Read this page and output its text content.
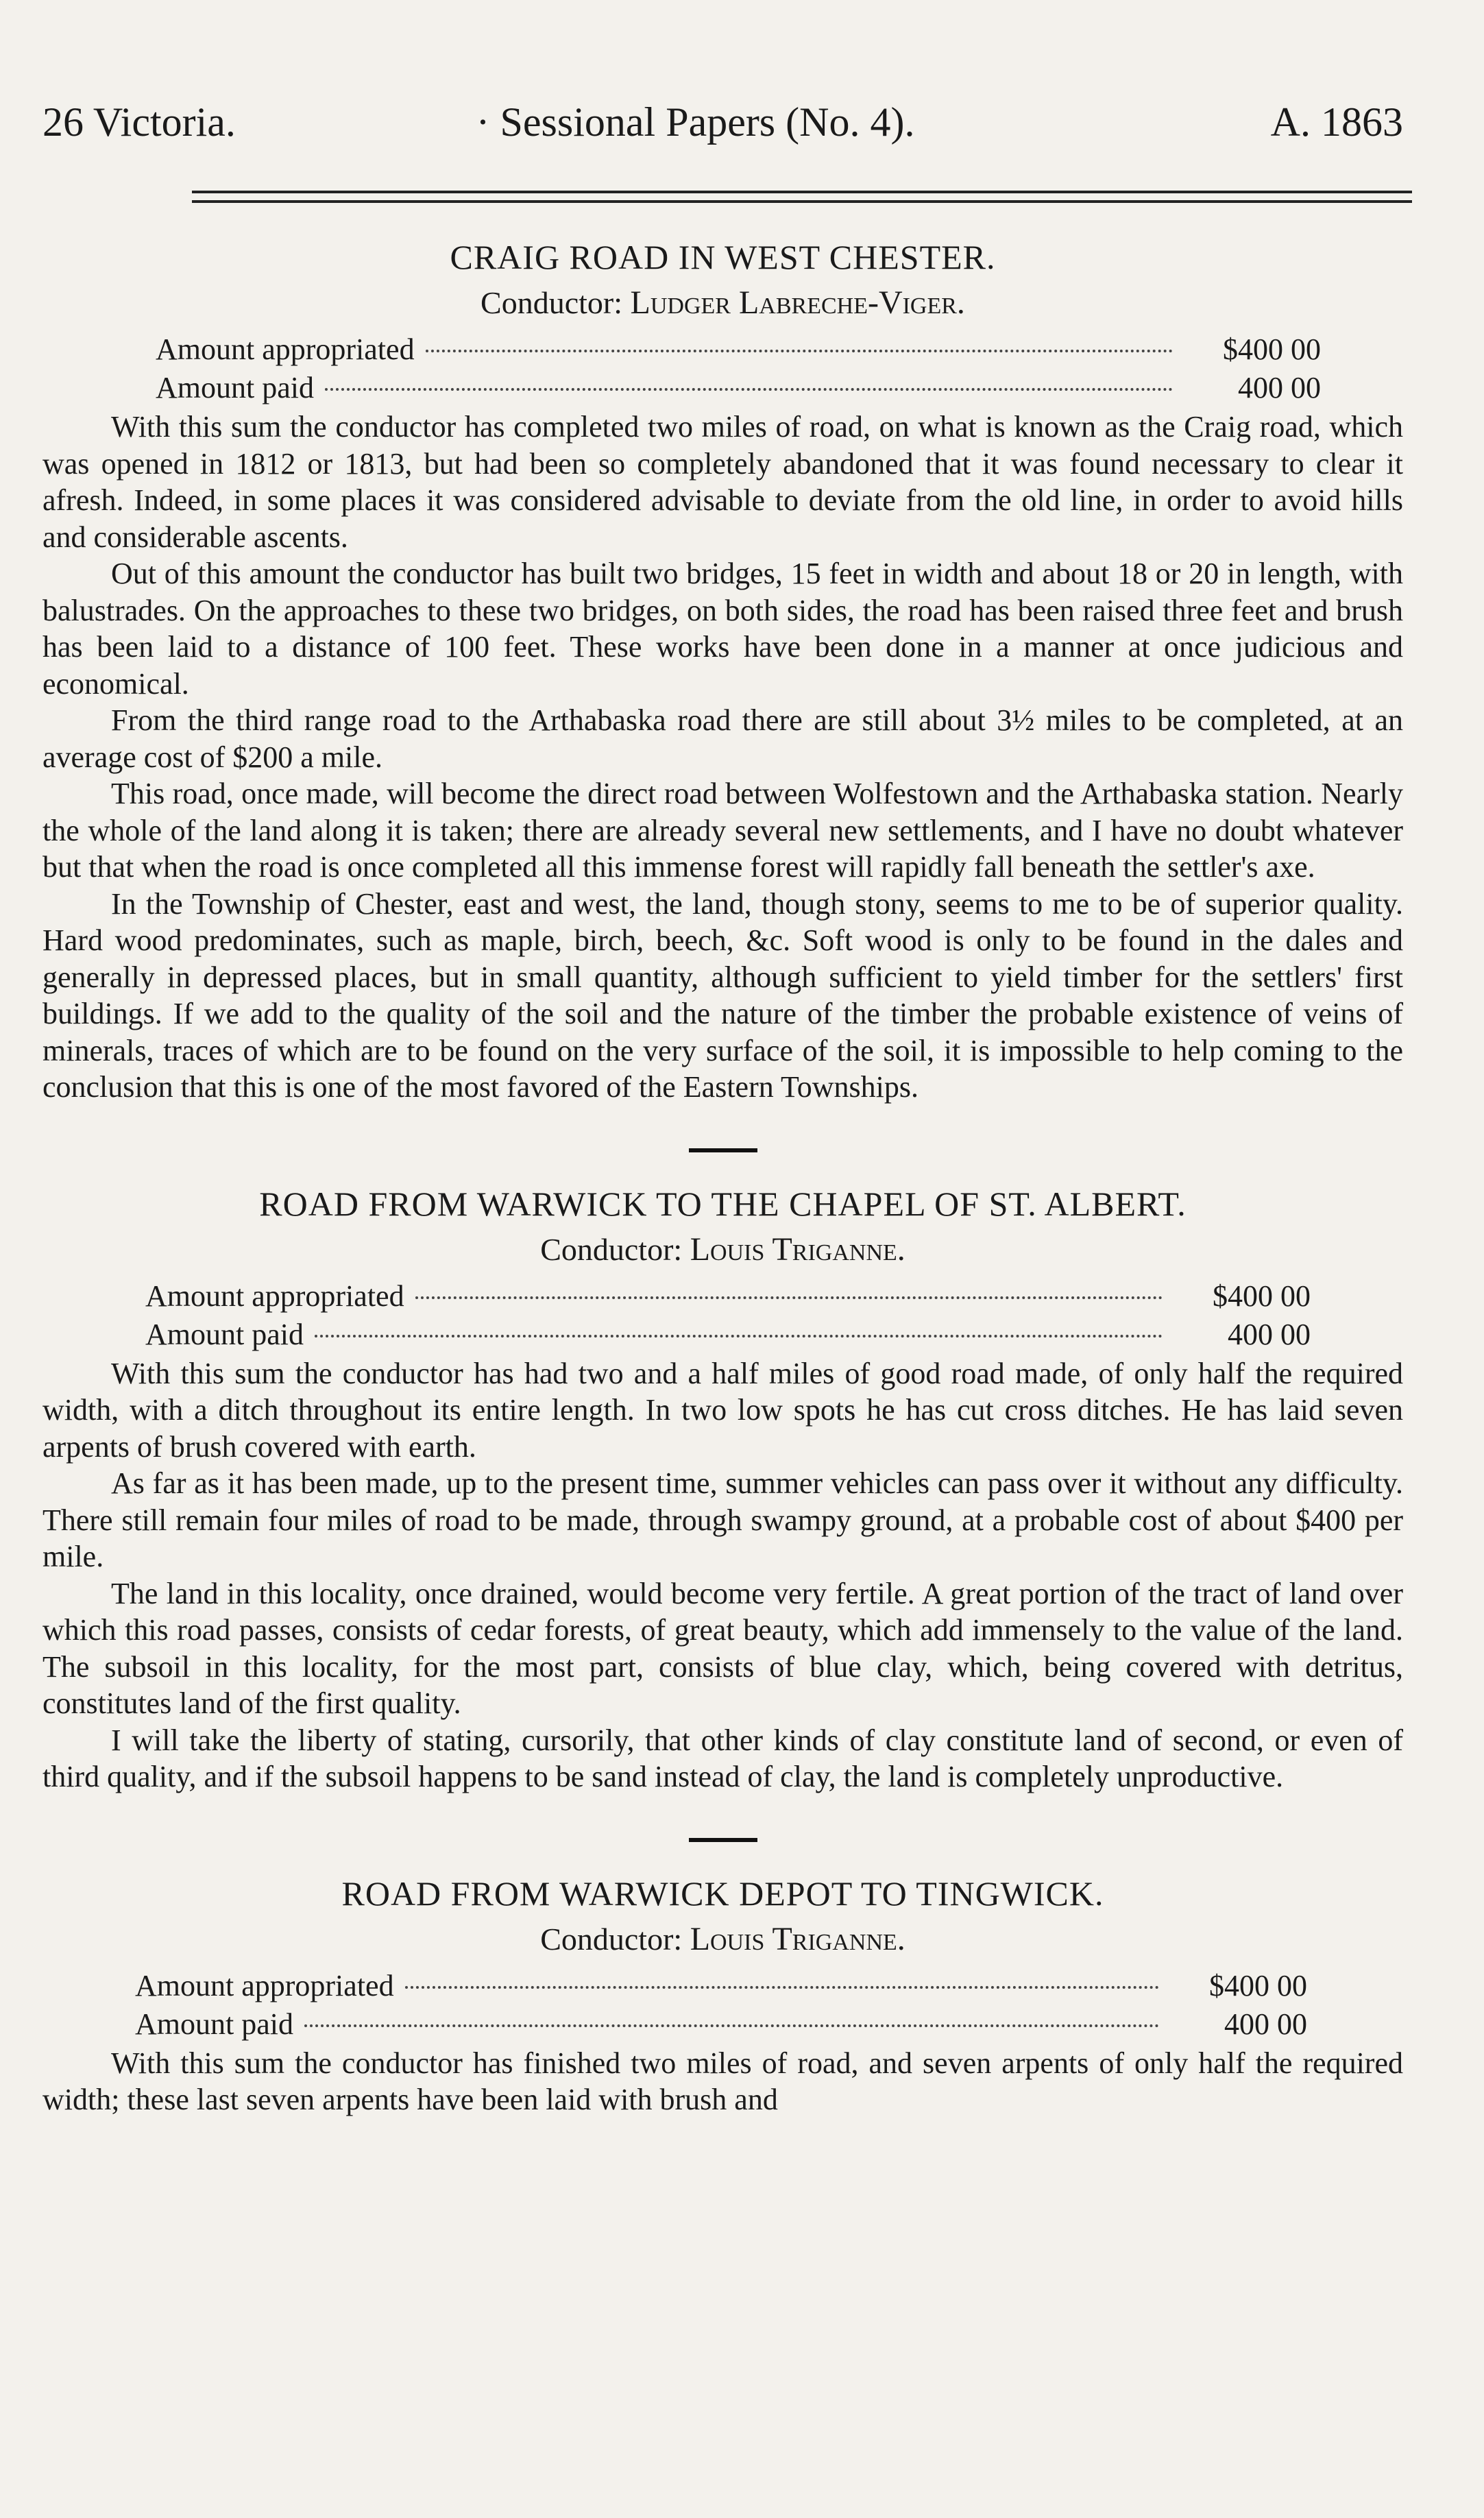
26 Victoria.	· Sessional Papers (No. 4).	A. 1863

CRAIG ROAD IN WEST CHESTER.

Conductor: Ludger Labreche-Viger.

Amount appropriated	$400 00
Amount paid	400 00

With this sum the conductor has completed two miles of road, on what is known as the Craig road, which was opened in 1812 or 1813, but had been so completely abandoned that it was found necessary to clear it afresh. Indeed, in some places it was considered advisable to deviate from the old line, in order to avoid hills and considerable ascents.

Out of this amount the conductor has built two bridges, 15 feet in width and about 18 or 20 in length, with balustrades. On the approaches to these two bridges, on both sides, the road has been raised three feet and brush has been laid to a distance of 100 feet. These works have been done in a manner at once judicious and economical.

From the third range road to the Arthabaska road there are still about 3½ miles to be completed, at an average cost of $200 a mile.

This road, once made, will become the direct road between Wolfestown and the Arthabaska station. Nearly the whole of the land along it is taken; there are already several new settlements, and I have no doubt whatever but that when the road is once completed all this immense forest will rapidly fall beneath the settler's axe.

In the Township of Chester, east and west, the land, though stony, seems to me to be of superior quality. Hard wood predominates, such as maple, birch, beech, &c. Soft wood is only to be found in the dales and generally in depressed places, but in small quantity, although sufficient to yield timber for the settlers' first buildings. If we add to the quality of the soil and the nature of the timber the probable existence of veins of minerals, traces of which are to be found on the very surface of the soil, it is impossible to help coming to the conclusion that this is one of the most favored of the Eastern Townships.

ROAD FROM WARWICK TO THE CHAPEL OF ST. ALBERT.

Conductor: Louis Triganne.

Amount appropriated	$400 00
Amount paid	400 00

With this sum the conductor has had two and a half miles of good road made, of only half the required width, with a ditch throughout its entire length. In two low spots he has cut cross ditches. He has laid seven arpents of brush covered with earth.

As far as it has been made, up to the present time, summer vehicles can pass over it without any difficulty. There still remain four miles of road to be made, through swampy ground, at a probable cost of about $400 per mile.

The land in this locality, once drained, would become very fertile. A great portion of the tract of land over which this road passes, consists of cedar forests, of great beauty, which add immensely to the value of the land. The subsoil in this locality, for the most part, consists of blue clay, which, being covered with detritus, constitutes land of the first quality.

I will take the liberty of stating, cursorily, that other kinds of clay constitute land of second, or even of third quality, and if the subsoil happens to be sand instead of clay, the land is completely unproductive.

ROAD FROM WARWICK DEPOT TO TINGWICK.

Conductor: Louis Triganne.

Amount appropriated	$400 00
Amount paid	400 00

With this sum the conductor has finished two miles of road, and seven arpents of only half the required width; these last seven arpents have been laid with brush and
